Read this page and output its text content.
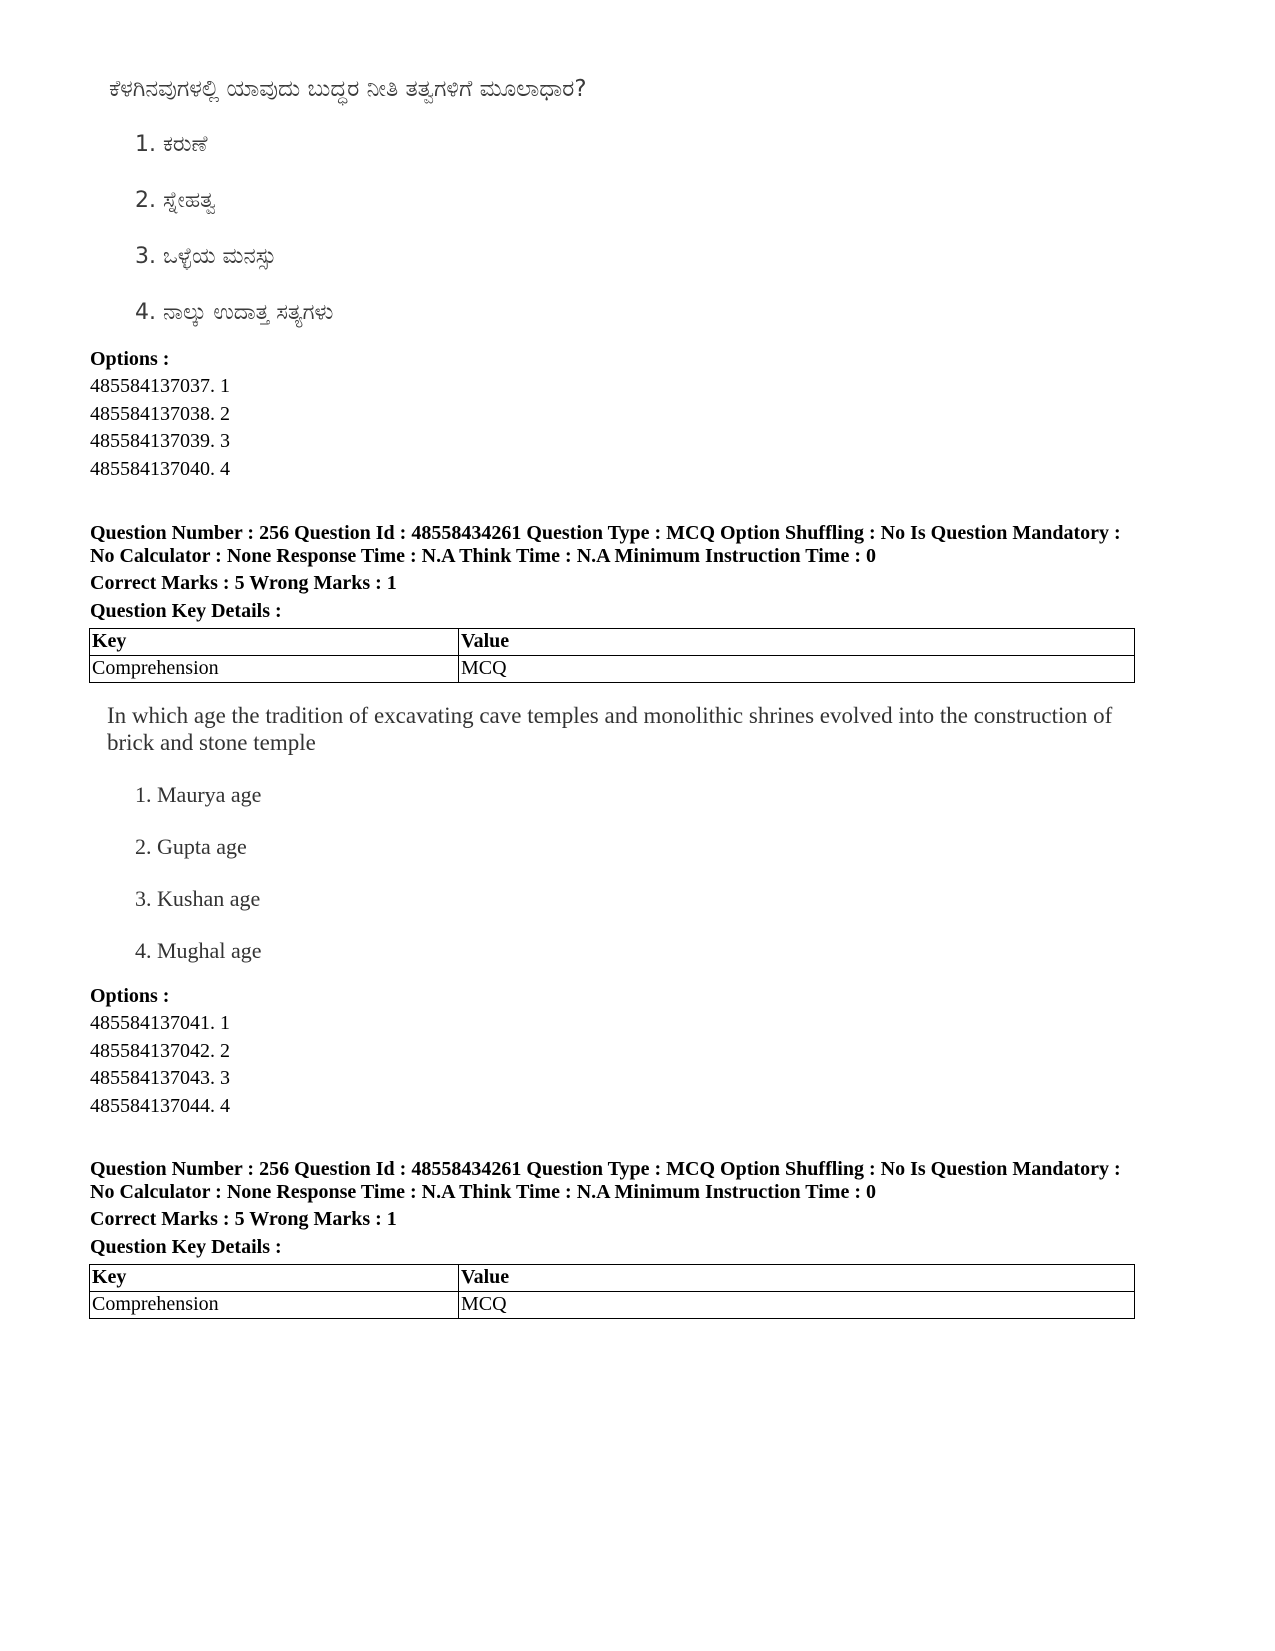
ಕೆಳಗಿನವುಗಳಲ್ಲಿ ಯಾವುದು ಬುದ್ಧರ ನೀತಿ ತತ್ವಗಳಿಗೆ ಮೂಲಾಧಾರ?
1. ಕರುಣೆ
2. ಸ್ನೇಹತ್ವ
3. ಒಳ್ಳೆಯ ಮನಸ್ಸು
4. ನಾಲ್ಕು ಉದಾತ್ತ ಸತ್ಯಗಳು
Options :
485584137037. 1
485584137038. 2
485584137039. 3
485584137040. 4
Question Number : 256 Question Id : 48558434261 Question Type : MCQ Option Shuffling : No Is Question Mandatory :
No Calculator : None Response Time : N.A Think Time : N.A Minimum Instruction Time : 0
Correct Marks : 5 Wrong Marks : 1
Question Key Details :
Key	Value
Comprehension	MCQ
In which age the tradition of excavating cave temples and monolithic shrines evolved into the construction of
brick and stone temple
1. Maurya age
2. Gupta age
3. Kushan age
4. Mughal age
Options :
485584137041. 1
485584137042. 2
485584137043. 3
485584137044. 4
Question Number : 256 Question Id : 48558434261 Question Type : MCQ Option Shuffling : No Is Question Mandatory :
No Calculator : None Response Time : N.A Think Time : N.A Minimum Instruction Time : 0
Correct Marks : 5 Wrong Marks : 1
Question Key Details :
Key	Value
Comprehension	MCQ
